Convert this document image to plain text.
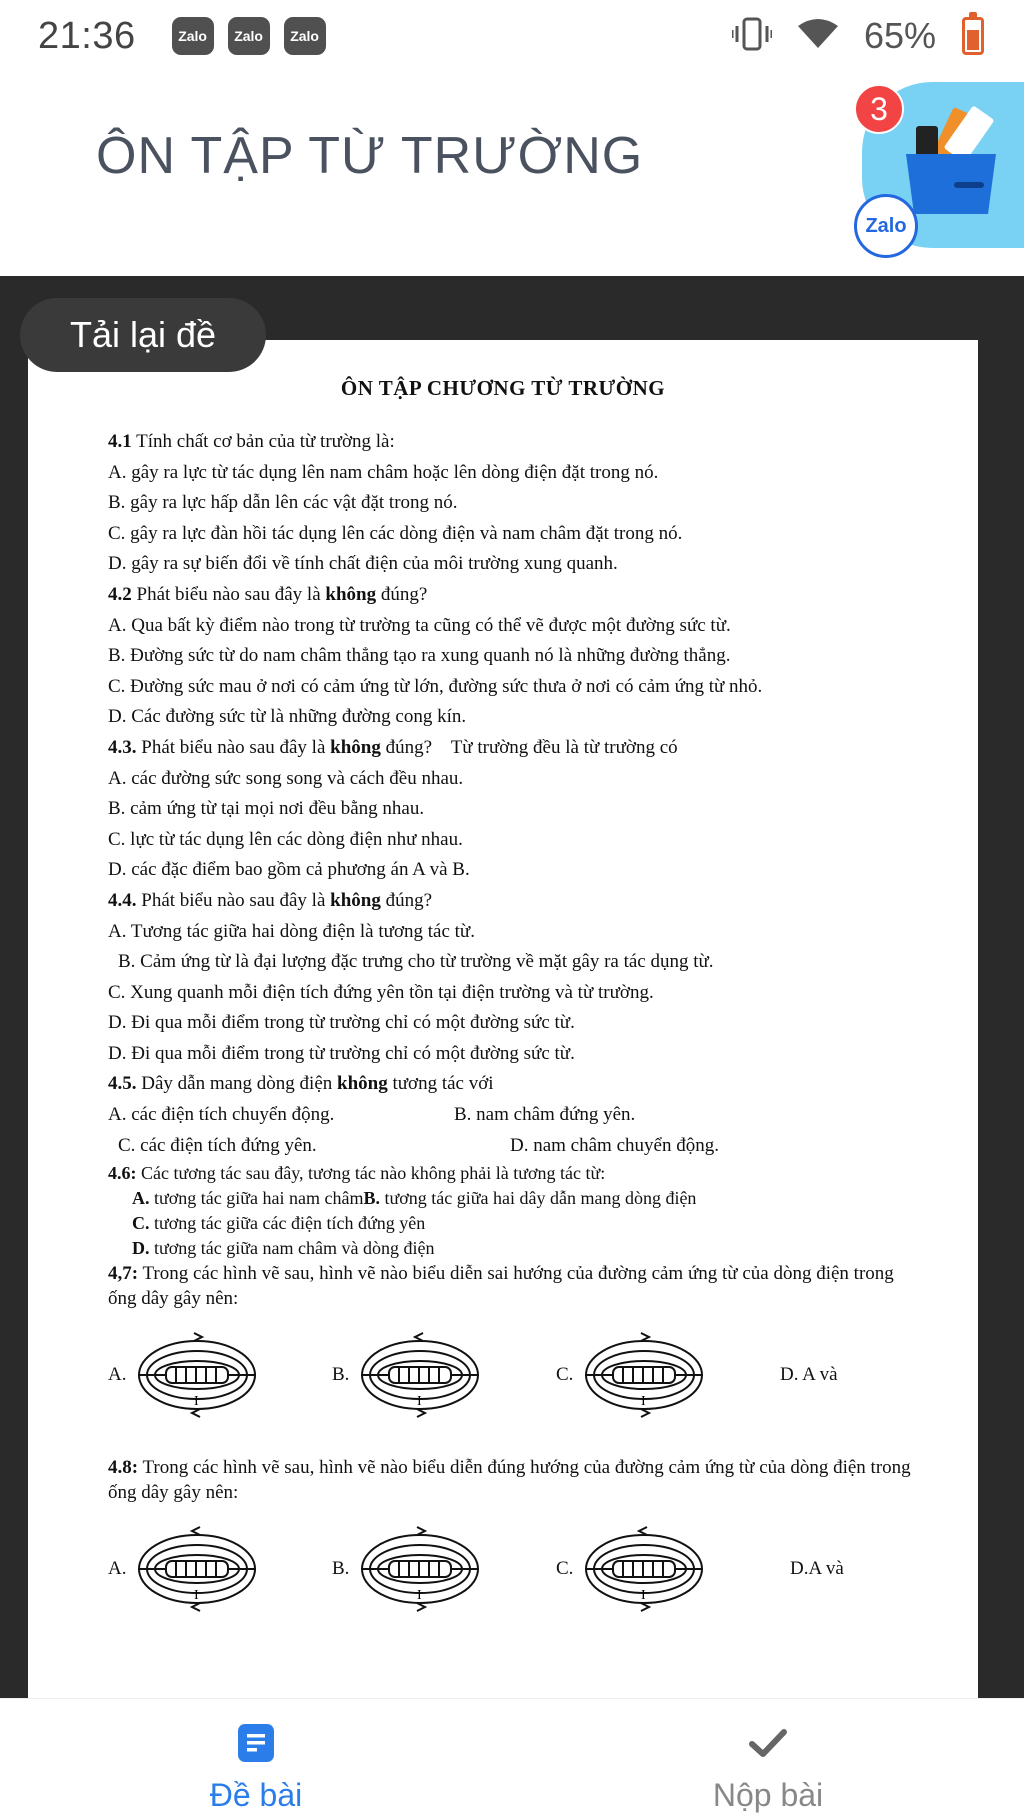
21:36	Zalo	Zalo	Zalo	65%
ÔN TẬP TỪ TRƯỜNG
3
Zalo
Tải lại đề
ÔN TẬP CHƯƠNG TỪ TRƯỜNG
4.1 Tính chất cơ bản của từ trường là:
A. gây ra lực từ tác dụng lên nam châm hoặc lên dòng điện đặt trong nó.
B. gây ra lực hấp dẫn lên các vật đặt trong nó.
C. gây ra lực đàn hồi tác dụng lên các dòng điện và nam châm đặt trong nó.
D. gây ra sự biến đổi về tính chất điện của môi trường xung quanh.
4.2 Phát biểu nào sau đây là không đúng?
A. Qua bất kỳ điểm nào trong từ trường ta cũng có thể vẽ được một đường sức từ.
B. Đường sức từ do nam châm thẳng tạo ra xung quanh nó là những đường thẳng.
C. Đường sức mau ở nơi có cảm ứng từ lớn, đường sức thưa ở nơi có cảm ứng từ nhỏ.
D. Các đường sức từ là những đường cong kín.
4.3. Phát biểu nào sau đây là không đúng?    Từ trường đều là từ trường có
A. các đường sức song song và cách đều nhau.
B. cảm ứng từ tại mọi nơi đều bằng nhau.
C. lực từ tác dụng lên các dòng điện như nhau.
D. các đặc điểm bao gồm cả phương án A và B.
4.4. Phát biểu nào sau đây là không đúng?
A. Tương tác giữa hai dòng điện là tương tác từ.
B. Cảm ứng từ là đại lượng đặc trưng cho từ trường về mặt gây ra tác dụng từ.
C. Xung quanh mỗi điện tích đứng yên tồn tại điện trường và từ trường.
D. Đi qua mỗi điểm trong từ trường chỉ có một đường sức từ.
D. Đi qua mỗi điểm trong từ trường chỉ có một đường sức từ.
4.5. Dây dẫn mang dòng điện không tương tác với
A. các điện tích chuyển động.	B. nam châm đứng yên.
C. các điện tích đứng yên.	D. nam châm chuyển động.
4.6: Các tương tác sau đây, tương tác nào không phải là tương tác từ:
A. tương tác giữa hai nam châmB. tương tác giữa hai dây dẫn mang dòng điện
C. tương tác giữa các điện tích đứng yên
D. tương tác giữa nam châm và dòng điện
4,7: Trong các hình vẽ sau, hình vẽ nào biểu diễn sai hướng của đường cảm ứng từ của dòng điện trong ống dây gây nên:
A.
I
B.
I
C.
I
D. A và
4.8: Trong các hình vẽ sau, hình vẽ nào biểu diễn đúng hướng của đường cảm ứng từ của dòng điện trong ống dây gây nên:
A.
I
B.
I
C.
I
D.A và
Đề bài	Nộp bài
